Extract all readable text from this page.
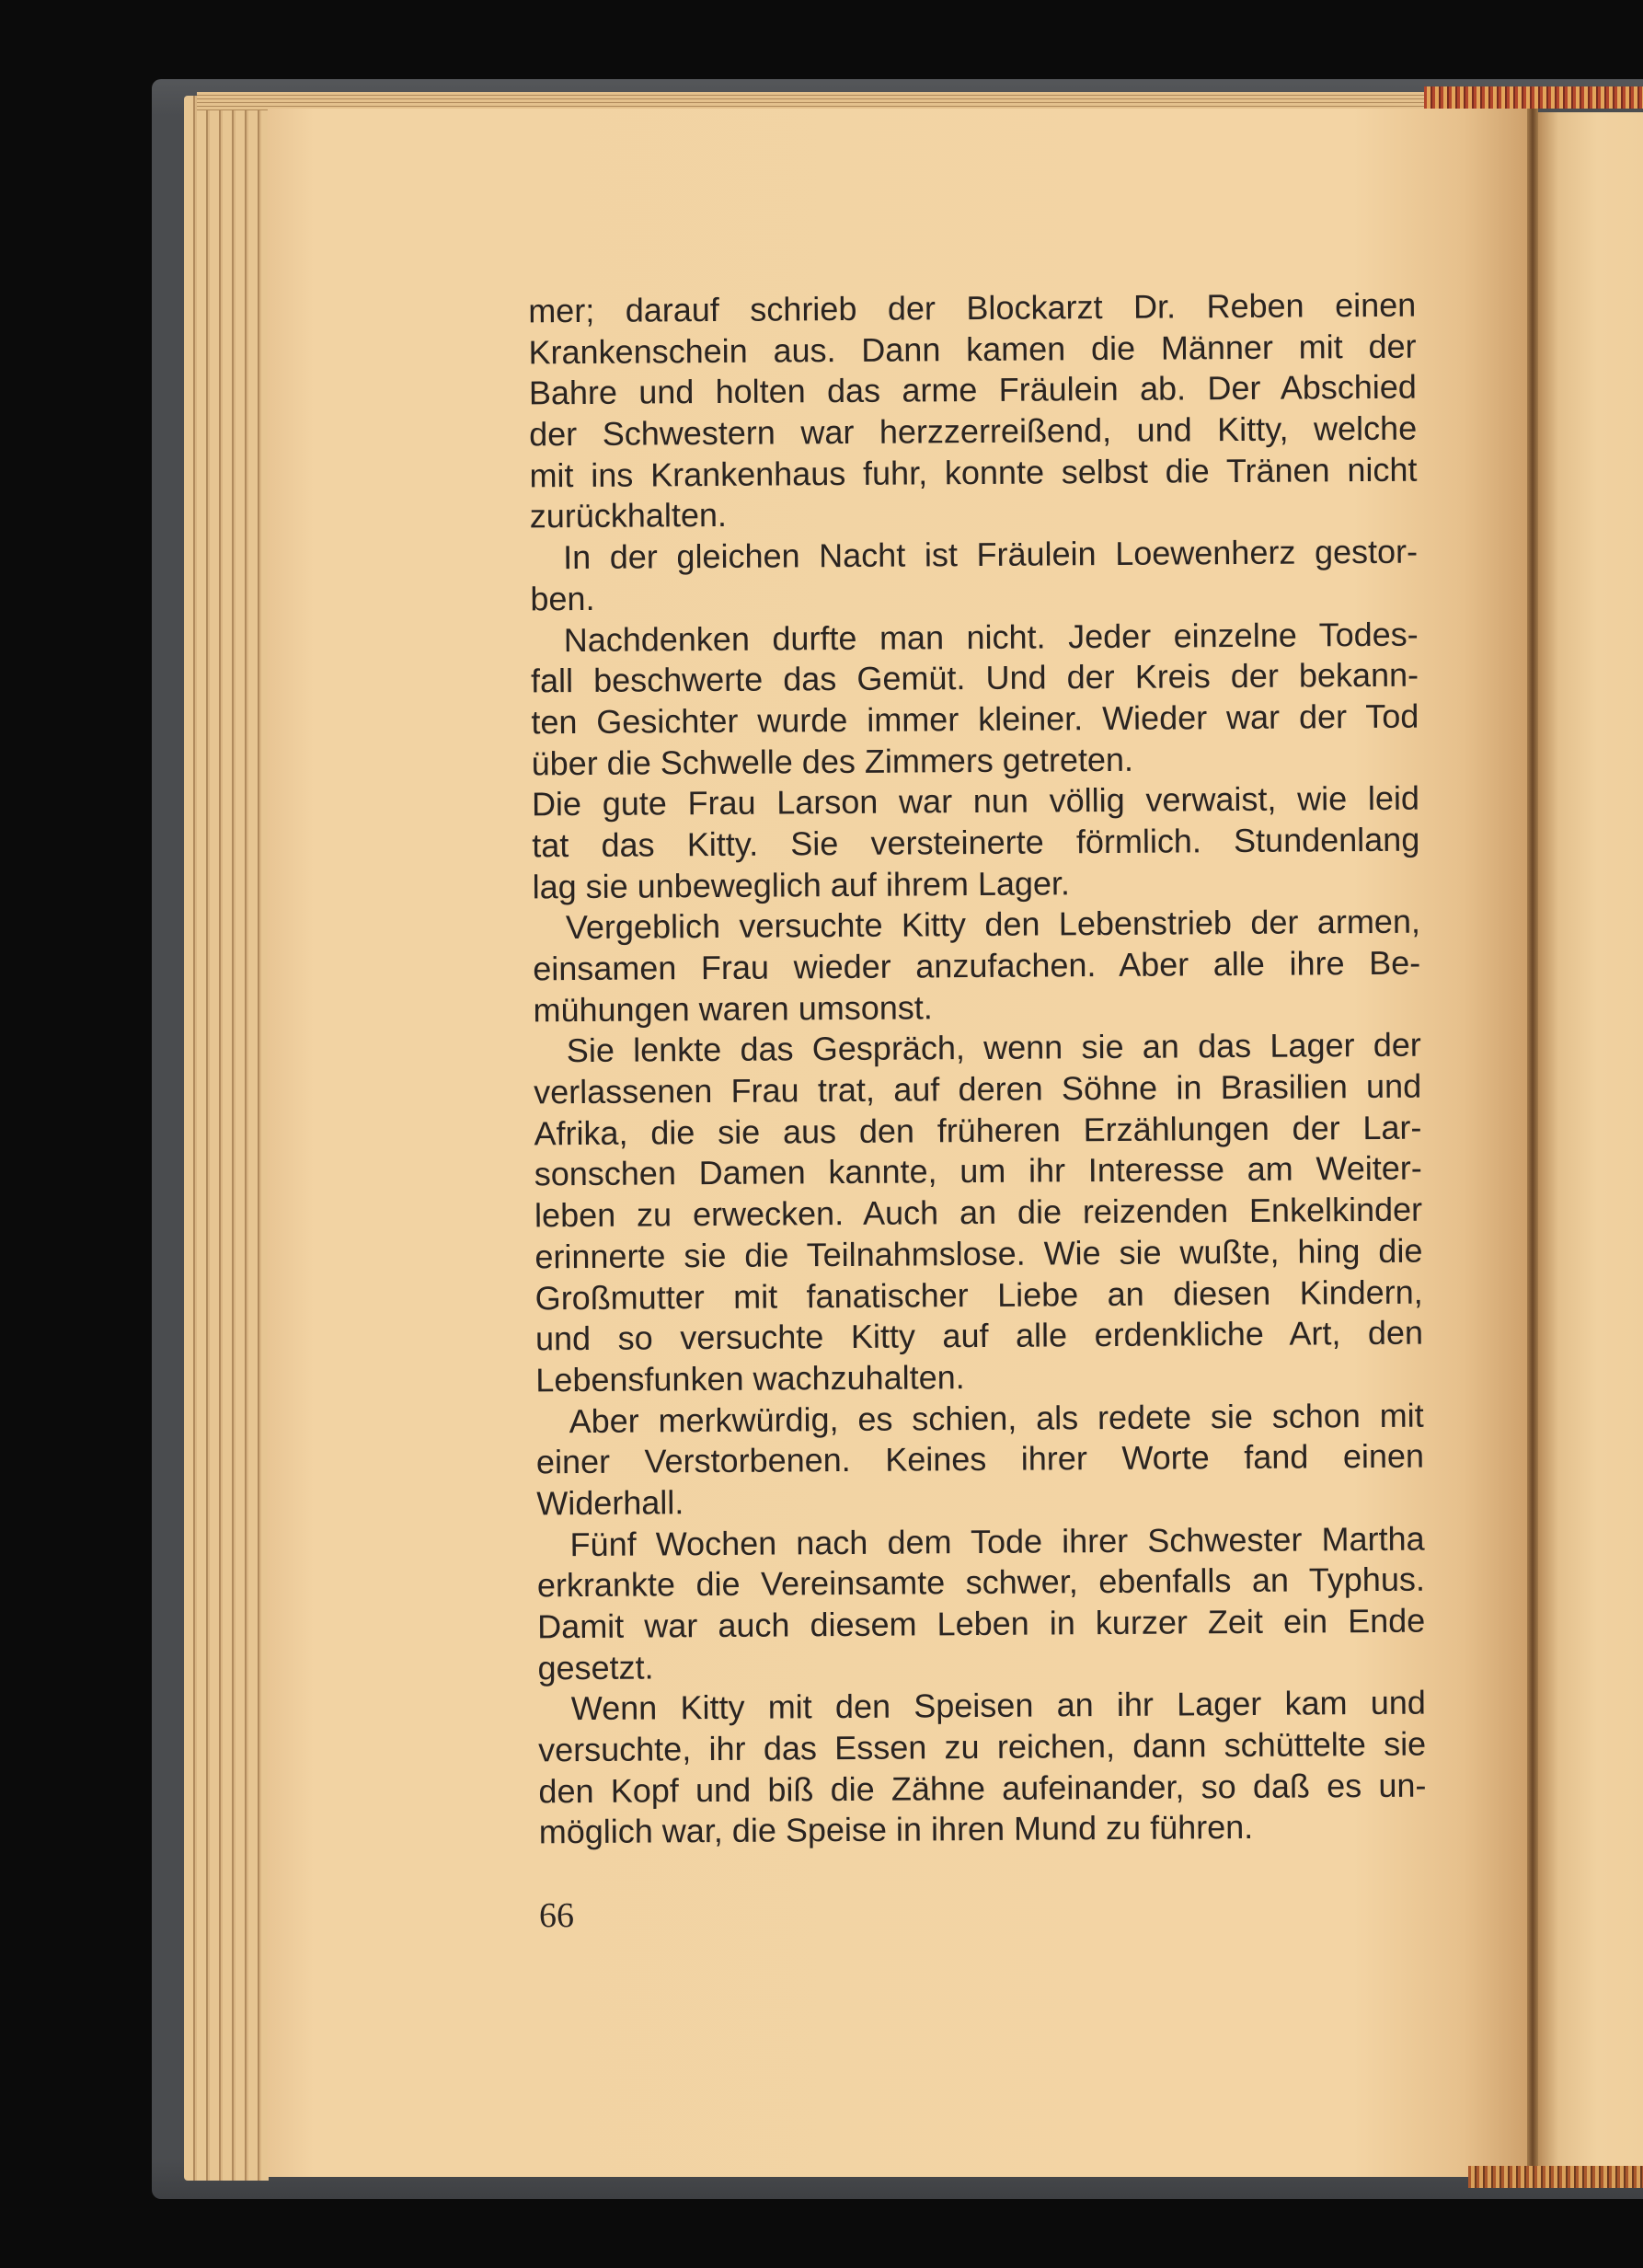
mer; darauf schrieb der Blockarzt Dr. Reben einen
Krankenschein aus. Dann kamen die Männer mit der
Bahre und holten das arme Fräulein ab. Der Abschied
der Schwestern war herzzerreißend, und Kitty, welche
mit ins Krankenhaus fuhr, konnte selbst die Tränen nicht
zurückhalten.
In der gleichen Nacht ist Fräulein Loewenherz gestor-
ben.
Nachdenken durfte man nicht. Jeder einzelne Todes-
fall beschwerte das Gemüt. Und der Kreis der bekann-
ten Gesichter wurde immer kleiner. Wieder war der Tod
über die Schwelle des Zimmers getreten.
Die gute Frau Larson war nun völlig verwaist, wie leid
tat das Kitty. Sie versteinerte förmlich. Stundenlang
lag sie unbeweglich auf ihrem Lager.
Vergeblich versuchte Kitty den Lebenstrieb der armen,
einsamen Frau wieder anzufachen. Aber alle ihre Be-
mühungen waren umsonst.
Sie lenkte das Gespräch, wenn sie an das Lager der
verlassenen Frau trat, auf deren Söhne in Brasilien und
Afrika, die sie aus den früheren Erzählungen der Lar-
sonschen Damen kannte, um ihr Interesse am Weiter-
leben zu erwecken. Auch an die reizenden Enkelkinder
erinnerte sie die Teilnahmslose. Wie sie wußte, hing die
Großmutter mit fanatischer Liebe an diesen Kindern,
und so versuchte Kitty auf alle erdenkliche Art, den
Lebensfunken wachzuhalten.
Aber merkwürdig, es schien, als redete sie schon mit
einer Verstorbenen. Keines ihrer Worte fand einen
Widerhall.
Fünf Wochen nach dem Tode ihrer Schwester Martha
erkrankte die Vereinsamte schwer, ebenfalls an Typhus.
Damit war auch diesem Leben in kurzer Zeit ein Ende
gesetzt.
Wenn Kitty mit den Speisen an ihr Lager kam und
versuchte, ihr das Essen zu reichen, dann schüttelte sie
den Kopf und biß die Zähne aufeinander, so daß es un-
möglich war, die Speise in ihren Mund zu führen.
66
